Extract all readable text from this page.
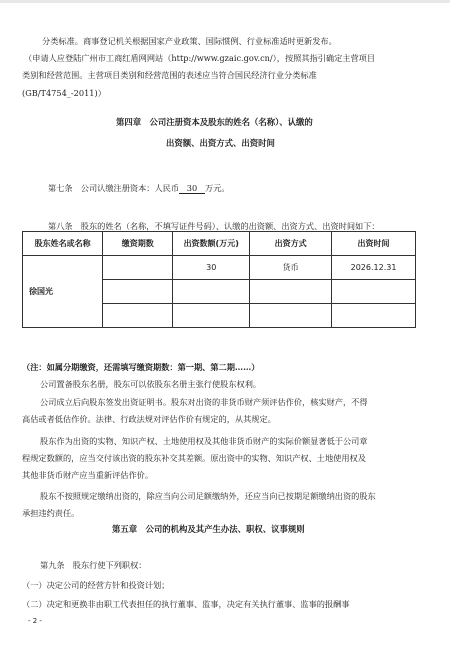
分类标准。商事登记机关根据国家产业政策、国际惯例、行业标准适时更新发布。
（申请人应登陆广州市工商红盾网网站（http://www.gzaic.gov.cn/），按照其指引确定主营项目
类别和经营范围。主营项目类别和经营范围的表述应当符合国民经济行业分类标准
(GB/T4754_-2011)）
第四章　公司注册资本及股东的姓名（名称）、认缴的
出资额、出资方式、出资时间
第七条　公司认缴注册资本：人民币 30 万元。
第八条　股东的姓名（名称，不填写证件号码）、认缴的出资额、出资方式、出资时间如下：
股东姓名或名称	缴资期数	出资数额(万元)	出资方式	出资时间
徐国光		30	货币	2026.12.31

（注：如属分期缴资，还需填写缴资期数：第一期、第二期……）
公司置备股东名册，股东可以依股东名册主张行使股东权利。
公司成立后向股东签发出资证明书。股东对出资的非货币财产须评估作价，核实财产，不得
高估或者低估作价。法律、行政法规对评估作价有规定的，从其规定。
股东作为出资的实物、知识产权、土地使用权及其他非货币财产的实际价额显著低于公司章
程规定数额的，应当交付该出资的股东补交其差额。原出资中的实物、知识产权、土地使用权及
其他非货币财产应当重新评估作价。
股东不按照规定缴纳出资的，除应当向公司足额缴纳外，还应当向已按期足额缴纳出资的股东
承担违约责任。
第五章　公司的机构及其产生办法、职权、议事规则
第九条　股东行使下列职权：
（一）决定公司的经营方针和投资计划；
（二）决定和更换非由职工代表担任的执行董事、监事，决定有关执行董事、监事的报酬事
- 2 -
